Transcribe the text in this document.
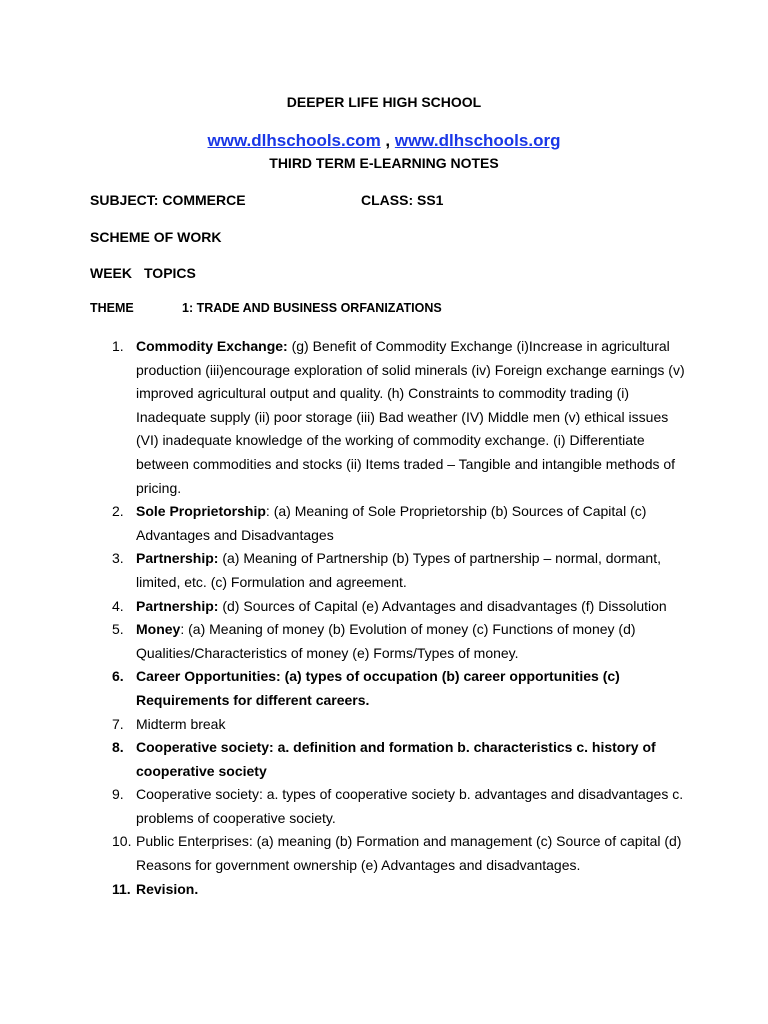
DEEPER LIFE HIGH SCHOOL
www.dlhschools.com , www.dlhschools.org
THIRD TERM E-LEARNING NOTES
SUBJECT: COMMERCE	CLASS: SS1
SCHEME OF WORK
WEEK TOPICS
THEME	1: TRADE AND BUSINESS ORFANIZATIONS
1. Commodity Exchange: (g) Benefit of Commodity Exchange (i)Increase in agricultural production (iii)encourage exploration of solid minerals (iv) Foreign exchange earnings (v) improved agricultural output and quality. (h) Constraints to commodity trading (i) Inadequate supply (ii) poor storage (iii) Bad weather (IV) Middle men (v) ethical issues (VI) inadequate knowledge of the working of commodity exchange. (i) Differentiate between commodities and stocks (ii) Items traded – Tangible and intangible methods of pricing.
2. Sole Proprietorship: (a) Meaning of Sole Proprietorship (b) Sources of Capital (c) Advantages and Disadvantages
3. Partnership: (a) Meaning of Partnership (b) Types of partnership – normal, dormant, limited, etc. (c) Formulation and agreement.
4. Partnership: (d) Sources of Capital (e) Advantages and disadvantages (f) Dissolution
5. Money: (a) Meaning of money (b) Evolution of money (c) Functions of money (d) Qualities/Characteristics of money (e) Forms/Types of money.
6. Career Opportunities: (a) types of occupation (b) career opportunities (c) Requirements for different careers.
7. Midterm break
8. Cooperative society: a. definition and formation b. characteristics c. history of cooperative society
9. Cooperative society: a. types of cooperative society b. advantages and disadvantages c. problems of cooperative society.
10. Public Enterprises: (a) meaning (b) Formation and management (c) Source of capital (d) Reasons for government ownership (e) Advantages and disadvantages.
11. Revision.
